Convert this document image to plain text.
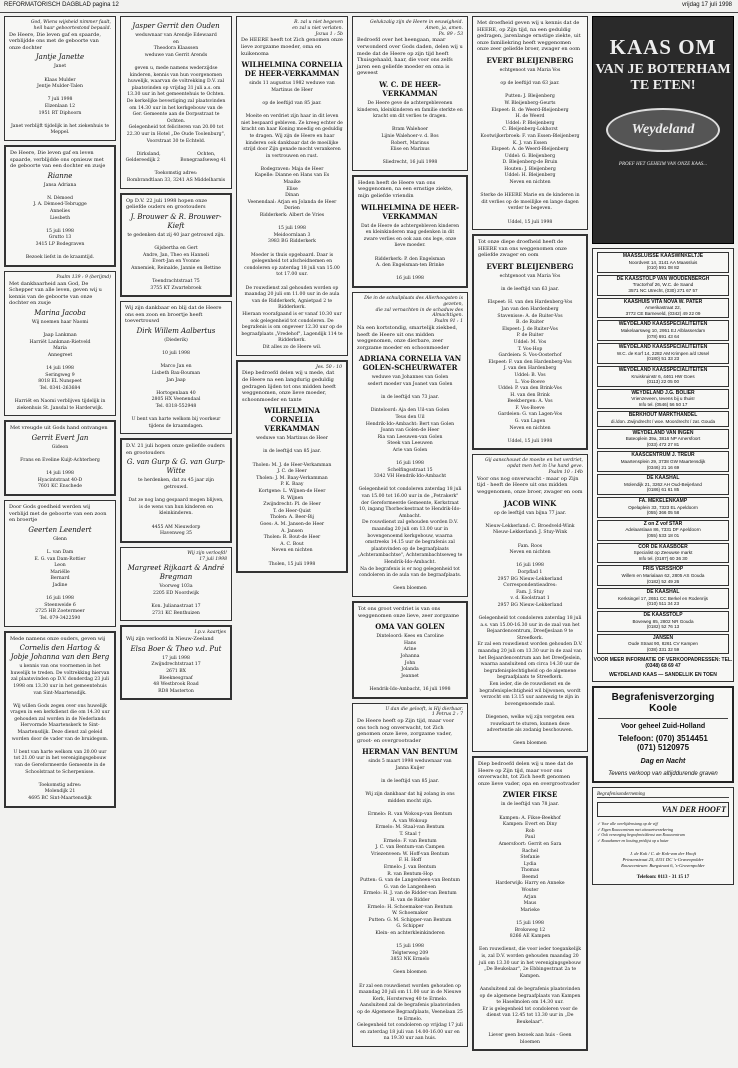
REFORMATORISCH DAGBLAD pagina 12	vrijdag 17 juli 1998
God, Wiens wijsheid nimmer faalt,
heil haar geboortestond bepaald.
De Heere, Die leven gaf en spaarde, verblijdde ons met de geboorte van onze dochter
Jantje Janette
Janet

Klaas Mulder
Jentje Mulder-Talen

7 juli 1998
Elzenlaan 12
1951 RT Diphoorn

Janet verblijft tijdelijk in het ziekenhuis te Meppel.
De Heere, Die leven gaf en leven spaarde, verblijdde ons opnieuw met de geboorte van een dochter en zusje
Rianne
Jansa Adriana

N. Dèmoed
J. A. Dèmoed-Tebrugge
Annelies
Liesbeth

15 juli 1998
Grutto 13
3415 LP Bodegraven

Bezoek liefst in de kraamtijd.
Psalm 139 : 9 (berijmd)
Met dankbaarheid aan God, De Schepper van alle leven, geven wij u kennis van de geboorte van onze dochter en zusje
Marina Jacoba
Wij noemen haar Naomi

Jaap Lankman
Harriët Lankman-Rietveld
Maria
Annegreet

14 juli 1998
Seringweg 9
8018 EL Nunspeet
Tel. 0341-263684

Harriët en Naomi verblijven tijdelijk in ziekenhuis St. Jansdal te Harderwijk.
Met vreugde uit Gods hand ontvangen
Gerrit Evert Jan
Gideon

Frans en Eveline Kuijt-Achterberg

14 juli 1998
Hyacintstraat 40-D
7601 KC Enschede
Door Gods goedheid werden wij verblijd met de geboorte van een zoon en broertje
Geerten Leendert
Glenn

L. van Dam
E. G. van Dam-Rottier
Leon
Mariëlle
Bernard
Jadine

16 juli 1998
Steenweide 6
2725 HB Zoetermeer
Tel. 079-3422590
Mede namens onze ouders, geven wij
Cornelis den Hartog & Jobje Johanna van den Berg
u kennis van ons voornemen in het huwelijk te treden. De voltrekking hiervan zal plaatsvinden op D.V. donderdag 23 juli 1998 om 13.30 uur in het gemeentehuis van Sint-Maartensdijk.

Wij willen Gods zegen over ons huwelijk vragen in een kerkdienst die om 14.30 uur gehouden zal worden in de Nederlands Hervormde Maartenskerk te Sint-Maartensdijk. Deze dienst zal geleid worden door de vader van de bruidegom.

U bent van harte welkom van 20.00 uur tot 21.00 uur in het verenigingsgebouw van de Gereformeerde Gemeente in de Schoolstraat te Scherpenisse.

Toekomstig adres:
Molendijk 21
4695 BC Sint-Maartensdijk
Jasper Gerrit den Ouden
weduwnaar van Arendje Edewaard
en
Theodora Klaassen
weduwe van Gerrit Arends

geven u, mede namens wederzijdse kinderen, kennis van hun voorgenomen huwelijk, waarvan de voltrekking D.V. zal plaatsvinden op vrijdag 31 juli a.s. om 13.30 uur in het gemeentehuis te Ochten.
De kerkelijke bevestiging zal plaatsvinden om 14.30 uur in het kerkgebouw van de Ger. Gemeente aan de Dorpsstraat te Ochten.
Gelegenheid tot feliciteren van 20.00 tot 22.30 uur in Hotel „De Oude Toolenburg", Voorstraat 30 te Echteld.

Dirksland,                         Ochten,
Geldereedijk 2              Bonegraafseweg 41

Toekomstig adres:
Bombrandtlaan 33, 3241 AS Middelharnis
Op D.V. 22 juli 1998 hopen onze geliefde ouders en grootouders
J. Brouwer & R. Brouwer-Kieft
te gedenken dat zij 40 jaar getrouwd zijn.

Gijsbertha en Gert
Andre, Jan, Theo en Hanneli
Evert-Jan en Yvonne
Annemiek, Reinalde, Jannie en Bettine

Teendrachtstraat 75
3755 KT Zwartebroek
Wij zijn dankbaar en blij dat de Heere ons een zoon en broertje heeft toevertrouwd
Dirk Willem Aalbertus
(Diederik)

10 juli 1998

Marco Jan en
Lisbeth Bax-Bouman
Jan Jaap

Hortogenlaan 40
2805 HX Veenendaal
Tel. 0318-552948

U bent van harte welkom bij voorkeur tijdens de kraamdagen.
D.V. 21 juli hopen onze geliefde ouders en grootouders
G. van Gurp & G. van Gurp-Witte
te herdenken, dat zu 45 jaar zijn getrouwd.

Dat ze nog lang gespaard mogen blijven, is de wens van hun kinderen en kleinkinderen.

4455 AM Nieuwdorp
Havenweg 35
Wij zijn verloofd!
17 juli 1998
Margreet Rijkaart & André Bregman
Voorweg 103a
2205 ED Noordwijk

Kon. Julianastraat 17
2731 KC Benthuizen
I.p.v. kaartjes
Wij zijn verloofd in Nieuw-Zeeland
Elsa Boer & Theo v.d. Put
17 juli 1998
Zwijndrechtstraat 17
2671 BX
Bleeknesgraaf
48 Westbrook Road
RD8 Masterton
R. zal u niet begeven
en zal u niet verlaten.
Jozua 1 : 5b
De HEERE heeft tot Zich genomen onze lieve zorgzame moeder, oma en kuikenoma
WILHELMINA CORNELIA DE HEER-VERKAMMAN
sinds 11 augustus 1982 weduwe van Martinus de Heer

op de leeftijd van 85 jaar.

Moeite en verdriet zijn haar in dit leven niet bespaard gebleven. Ze kreeg echter de kracht om haar Koning moedig en geduldig te dragen. Wij zijn de Heere en haar kinderen ook dankbaar dat de moeilijke strijd door Zijn genade mocht verankeren in vertrouwen en rust.

Bodegraven: Maja de Heer
Kapelle: Dianne en Hans van Es
Maaike
Elise
Dinan
Veenendaal: Arjan en Jolanda de Heer
Dorien
Ridderkerk: Albert de Vries

15 juli 1998
Meidoornlaan 3
3983 BG Ridderkerk

Moeder is thuis opgebaard. Daar is gelegenheid tot afscheidnemen en condoleren op zaterdag 18 juli van 15.00 tot 17.00 uur.

De rouwdienst zal gehouden worden op maandag 20 juli om 11.00 uur in de aula van de Ridderkerk, Agnietpad 2 te Ridderkerk.
Hieraan voorafgaand is er vanaf 10.30 uur ook gelegenheid tot condoleren. De begrafenis is om ongeveer 12.30 uur op de begraafplaats „Vredehof", Lagendijk 114 te Ridderkerk.
Dit alles zo de Heere wil.
Jes. 50 : 10
Diep bedroefd delen wij u mede, dat de Heere na een langdurig geduldig gedragen lijden tot ons midden heeft weggenomen, onze lieve moeder, schoonmoeder en tante
WILHELMINA CORNELIA VERKAMMAN
weduwe van Martinus de Heer

in de leeftijd van 85 jaar.

Tholen: M. J. de Heer-Verkamman
J. C. de Heer
Tholen: J. M. Baay-Verkamman
P. K. Baay
Kortgene: L. Wijnen-de Heer
R. Wijnen
Zwijndrecht: Pl. de Heer
T. de Heer-Quist
Tholen: A. Beer-Bij
Goes: A. M. Jansen-de Heer
A. Jansen
Tholen: B. Bout-de Heer
A. C. Bout
Neven en nichten

Tholen, 15 juli 1998
Gelukzalig zijn de Heere in eeuwigheid.
Amen, ja, amen.
Ps. 89 : 53
Bedroefd over het heengaan, maar verwonderd over Gods daden, delen wij u mede dat de Heere op zijn tijd heeft Thuisgehaald, haar, die voor ons zelfs jaren een geliefde moeder en oma is geweest
W. C. DE HEER-VERKAMMAN
De Heere geve de achtergeblevenen kinderen, kleinkinderen en familie sterkte en kracht om dit verlies te dragen.

Bram Walehoer
Lijnie Walehoer-v. d. Bos
Robert, Marinus
Elise en Marinus

Sliedrecht, 16 juli 1998
Heden heeft de Heere van ons weggenomen, na een ernstige ziekte, mijn geliefde vriendin
WILHELMINA DE HEER-VERKAMMAN
Dat de Heere de achtergebleven kinderen en kleinkinderen mag gedenken in dit zware verlies en ook aan ons lege, onze lieve moeder.

Ridderkerk: P. den Engelsman
A. den Engelsman-ten Brinke

16 juli 1998
Die in de schuilplaats des Allerhoogsten is gezeten,
die zal vernachten in de schaduw des Almachtigen.
Psalm 91 : 1
Na een kortstondig, smartelijk ziekbed, heeft de Heere uit ons midden weggenomen, onze dierbare, zeer zorgzame moeder en schoonmoeder
ADRIANA CORNELIA VAN GOLEN-SCHEURWATER
weduwe van Johannes van Golen
sedert moeder van Joanet van Golen

in de leeftijd van 73 jaar.

Dinteloord: Aja den Uil-van Golen
Teus den Uil
Hendrik-Ido-Ambacht: Bert van Golen
Joann van Golen-de Heer
Ria van Leeuwen-van Golen
Steek van Leeuwen
Arie van Golen

16 juli 1998
Schelfingsstraat 15
3342 VH Hendrik-Ido-Ambacht

Gelegenheid tot condoleren zaterdag 18 juli van 15.00 tot 16.00 uur in de „Petrakerk" der Gereformeerde Gemeente, Kerkstraat 10, ingang Thorbeckestraat te Hendrik-Ido-Ambacht.
De rouwdienst zal gehouden worden D.V. maandag 20 juli om 13.00 uur in bovengenoemd kerkgebouw, waarna omstreeks 14.15 uur de begrafenis zal plaatsvinden op de begraafplaats „Achterambachtse", Achterambachtseweg te Hendrik-Ido-Ambacht.
Na de begrafenis is er nog gelegenheid tot condoleren in de aula van de begraafplaats.

Geen bloemen
Tot ons groot verdriet is van ons weggenomen onze lieve, zeer zorgzame
OMA VAN GOLEN
Dinteloord: Kees en Caroline
Hans
Arine
Johanna
John
Jolanda
Jeannet

Hendrik-Ido-Ambacht, 16 juli 1998
U dan die gelooft, is Hij dierbaar.
1 Petrus 2 : 7
De Heere heeft op Zijn tijd, maar voor ons toch nog onverwacht, tot Zich genomen onze lieve, zorgzame vader, groot- en overgrootvader
HERMAN VAN BENTUM
sinds 5 maart 1998 weduwnaar van
Janna Kuijer

in de leeftijd van 85 jaar.

Wij zijn dankbaar dat hij zolang in ons midden mocht zijn.

Ermelo: R. van Wokoup-van Bentum
A. van Wokoup
Ermelo: M. Staal-van Bentum
T. Staal †
Ermelo: F. van Bentum
J. C. van Bentum-van Campen
Vriezenveen: W. Hoff-van Bentum
F. H. Hoff
Ermelo: J. van Bentum
R. van Bentum-Hop
Putten: G. van de Langenheen-van Bentum
G. van de Langenheen
Ermelo: H. J. van de Ridder-van Bentum
H. van de Ridder
Ermelo: H. Schoemaker-van Bentum
W. Schoemaker
Putten: G. M. Schipper-van Bentum
G. Schipper
Klein- en achterkleinkinderen

15 juli 1998
Telgterweg 209
3853 NK Ermelo

Geen bloemen

Er zal een rouwdienst worden gehouden op maandag 20 juli om 11.00 uur in de Nieuwe Kerk, Horsterweg 40 te Ermelo.
Aansluitend zal de begrafenis plaatsvinden op de Algemene Begraafplaats, Veenelaan 25 te Ermelo.
Gelegenheid tot condoleren op vrijdag 17 juli en zaterdag 18 juli van 14.00-16.00 uur en na 19.30 uur aan huis.
Met droefheid geven wij u kennis dat de HEERE, op Zijn tijd, na een geduldig gedragen, jarenlange ernstige ziekte, uit onze familiekring heeft weggenomen onze zeer geliefde broer, zwager en oom
EVERT BLEIJENBERG
echtgenoot van Maria Vos

op de leeftijd van 63 jaar.

Putten: J. Bleijenberg
W. Bleijenberg-Geurts
Elspeet: B. de Weerd-Bleijenberg
H. de Weerd
Uddel: P. Bleijenberg
C. Bleijenberg-Lokhorst
Kootwijkerbroek: F. van Essen-Bleijenberg
K. J. van Essen
Elspeet: A. de Weerd-Bleijenberg
Uddel: G. Bleijenberg
D. Bleijenberg-de Bruin
Houten: J. Bleijenberg
Uddel: H. Bleijenberg
Neven en nichten

Sterke de HEERE Marie en de kinderen in dit verlies op de moeilijke en lange dagen verder te begeven.

Uddel, 15 juli 1998
Tot onze diepe droefheid heeft de HEERE van ons weggenomen onze geliefde zwager en oom
EVERT BLEIJENBERG
echtgenoot van Maria Vos

in de leeftijd van 63 jaar.

Elspeet: H. van den Hardenberg-Vos
Jan van den Hardenberg
Stavenisse: A. de Ruiter-Vos
B. de Ruiter
Elspeet: J. de Ruiter-Vos
P. de Ruiter
Uddel: M. Vos
T. Vos-Hop
Gardeien: S. Vos-Oosterhof
Elspeet: F. van den Hardenberg-Vos
J. van den Hardenberg
Uddel: B. Vos
L. Vos-Boeve
Uddel: P. van den Brink-Vos
H. van den Brink
Beekbergen: A. Vos
F. Vos-Boeve
Gardeien: G. van Lagen-Vos
G. van Lagen
Neven en nichten

Uddel, 15 juli 1998
Gij aanschouwt de moeite en het verdriet,
opdat men het in Uw hand geve.
Psalm 10 : 14b
Voor ons nog onverwacht - maar op Zijn tijd - heeft de Heere uit ons midden weggenomen, onze broer, zwager en oom
JACOB WINK
op de leeftijd van bijna 77 jaar.

Nieuw-Lekkerland: C. Broedveld-Wink
Nieuw-Lekkerland: J. Stuy-Wink

Fam. Roos
Neven en nichten

16 juli 1998
Dorpflad 1
2957 BG Nieuw-Lekkerland
Correspondentieadres:
Fam. J. Stuy
v. d. Koolstraat 1
2957 BG Nieuw-Lekkerland

Gelegenheid tot condoleren zaterdag 18 juli a.s. van 15.00-16.30 uur in de zaal van het Bejaardencentrum, Dreefjeslaan 9 te Streefkerk.
Er zal een rouwdienst worden gehouden D.V. maandag 20 juli om 13.30 uur in de zaal van het Bejaardencentrum aan het Dreefjeslein, waarna aansluitend om circa 14.30 uur de begrafenisplechtigheid op de algemene begraafplaats te Streefkerk.
Een ieder, die de rouwdienst en de begrafenisplechtigheid wil bijwonen, wordt verzocht om 13.15 uur aanwezig te zijn in bovengenoemde zaal.

Diegenen, welke wij zijn vergeten een rouwkaart te sturen, kunnen deze advertentie als zodanig beschouwen.

Geen bloemen
Diep bedroefd delen wij u mee dat de Heere op Zijn tijd, maar voor ons onverwacht, tot Zich heeft genomen onze lieve vader, opa en overgrootvader
ZWIER FIKSE
in de leeftijd van 78 jaar.

Kampen: A. Fikse-Beekhof
Kampen: Evert en Diny
Rob
Paul
Amersfoort: Gerrit en Sara
Rachel
Stefanie
Lydia
Thomas
Beemd
Harderwijk: Harry en Anneke
Wouter
Arjan
Maus
Marieke

15 juli 1998
Broksweg 12
8266 AE Kampen

Een rouwdienst, die voor ieder toegankelijk is, zal D.V. worden gehouden maandag 20 juli om 13.30 uur in het verenigingsgebouw „De Beukelaar", 2e Ebbingestraat 2a te Kampen.

Aansluitend zal de begrafenis plaatsvinden op de algemene begraafplaats van Kampen te Haselmolen om 14.30 uur.
Er is gelegenheid tot condoleren voor de dienst van 12.45 tot 13.30 uur in „De Beukelaar".

Liever geen bezoek aan huis - Geen bloemen
KAAS OM
VAN JE BOTERHAM TE ETEN!
Weydeland
PROEF HET GEHEIM VAN ONZE KAAS...
MAASSLUISSE KAASWINKELTJE
Noordvest 14, 3141 AA Maassluis
(010) 591 08 82
DE KAASSTOLP VAN WOUDENBERGH
Tractorhof 26, W.C. de Saand
3571 NC Utrecht, (030) 271 67 57
KAASHUIS VITA NOVA W. PATER
Amerikastraat 22,
3772 CE Barneveld, (0342) 49 22 09
WEYDELAND KAASSPECIALITEITEN
Makelaarsweg 10, 2951 EJ Alblasserdam
(078) 691 43 64
WEYDELAND KAASSPECIALITEITEN
W.C. de Korf 14, 2282 AM Krimpen a/d IJssel
(0180) 51 33 23
WEYDELAND KAASSPECIALITEITEN
Kruiskruinstr 6, 4461 HW Goes
(0113) 22 05 00
WEYDELAND J.G. BOLIER
Vrienzeveen, tevens bij u thuis!
Info tel. (0546) 56 50 17
BERKHOUT MARKTHANDEL
di./don. Zwijndrecht / woe. Moordrecht / zat. Gouda
WEYDELAND VAN INGEN
Bateoplein 39a, 3816 NP Amersfoort
(033) 472 27 81
KAASCENTRUM J. TREUR
Maartensplein 29, 3738 GW Maartensdijk
(0346) 21 16 69
DE KAASHAL
Molendijk 21, 3262 AH Oud-Beijerland
(0186) 61 61 85
FA. MEKELENKAMP
Opelaplein 33, 7323 EL Apeldoorn
(055) 366 05 58
Z on Z vof STAR
Adelaarslaan 86, 7331 DF Apeldoorn
(055) 533 18 01
COR DE KAASBOER
Specialist op Zeeuwse markt
Info tel. (0187) 60 36 30
FRIS VERSSHOP
Willem en Marialaan 62, 2805 AS Gouda
(0182) 52 49 26
DE KAASHAL
Kerksingel 17, 2651 CC Berkel en Rodenrijs
(010) 511 34 23
DE KAASSTOLP
Boveweg 85, 2802 NR Gouda
(0182) 52 76 13
JANSEN
Oude Straat 90, 8261 CV Kampen
(038) 331 32 59
VOOR MEER INFORMATIE OF VERKOOPADRESSEN: TEL. (0348) 68 69 47
WEYDELAND KAAS — SANDELLIK EN TOEN
Begrafenisverzorging Koole
Voor geheel Zuid-Holland
Telefoon: (070) 3514451
(071) 5120975
Dag en Nacht
Tevens verkoop van altijddurende graven
Begrafenisonderneming
VAN DER HOOFT
✓ Voor alle overlijdensiang op de vijf
✓ Eigen Rouwcentrum met uitvaartverzekering
✓ Ook verzorging begrafenis/dienst van Rouwcentrum
✓ Rouwkamer en kosting prislijst op u huize
J. de Kok / C. de Kok-van der Hooft
Prinsenstraat 25, 4151 DC 's-Gravenpolder
Rouwcentrum: Burgstraat 6, 's-Gravenpolder
Telefoon: 0113 - 31 15 17
